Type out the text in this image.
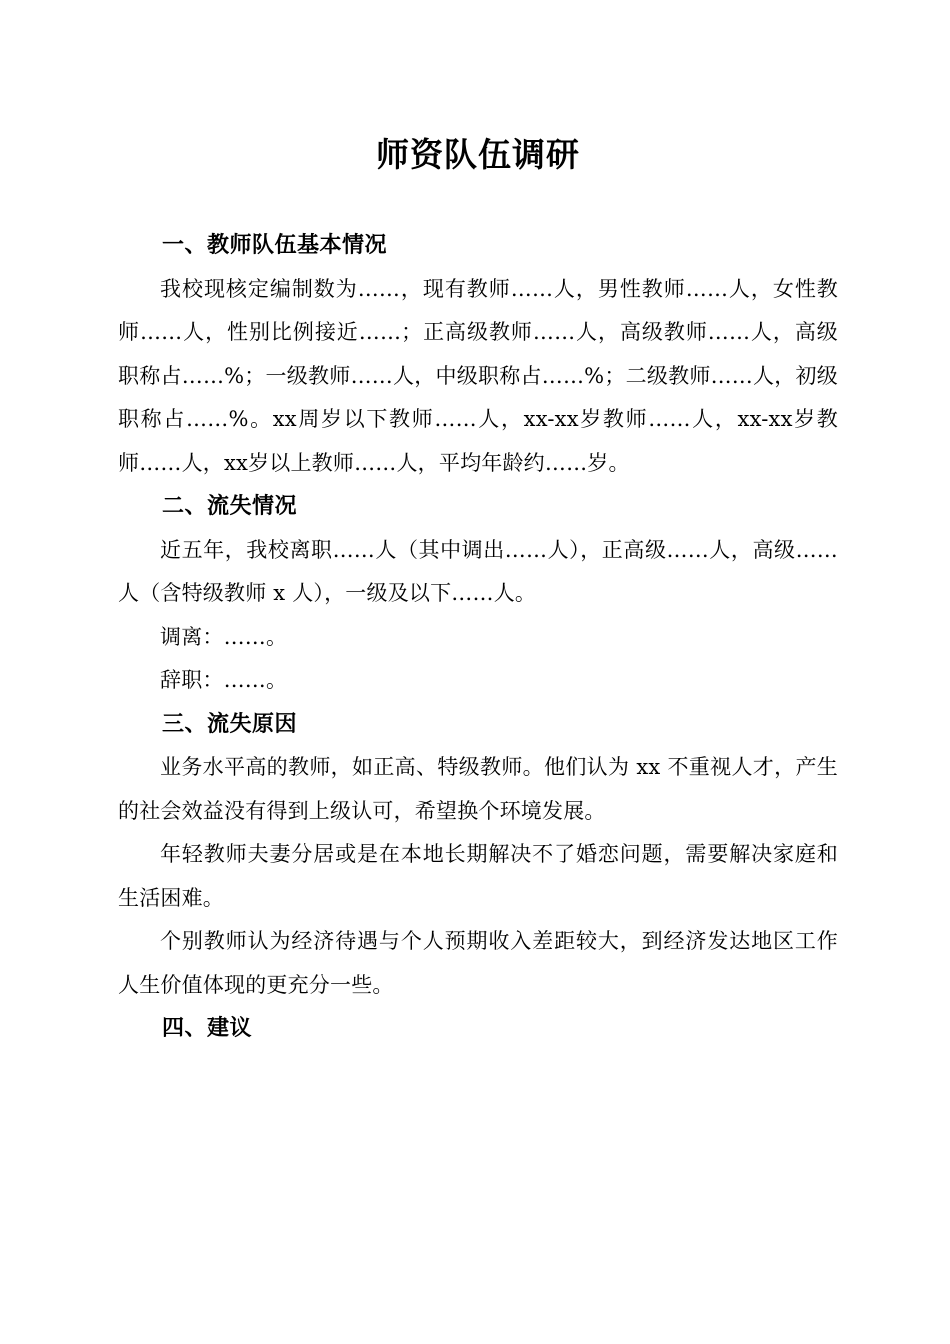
师资队伍调研
一、教师队伍基本情况

我校现核定编制数为……，现有教师……人，男性教师……人，女性教师……人，性别比例接近……；正高级教师……人，高级教师……人，高级职称占……%；一级教师……人，中级职称占……%；二级教师……人，初级职称占……%。xx周岁以下教师……人，xx-xx岁教师……人，xx-xx岁教师……人，xx岁以上教师……人，平均年龄约……岁。

二、流失情况

近五年，我校离职……人（其中调出……人），正高级……人，高级……人（含特级教师 x 人），一级及以下……人。

调离：……。

辞职：……。

三、流失原因

业务水平高的教师，如正高、特级教师。他们认为 xx 不重视人才，产生的社会效益没有得到上级认可，希望换个环境发展。

年轻教师夫妻分居或是在本地长期解决不了婚恋问题，需要解决家庭和生活困难。

个别教师认为经济待遇与个人预期收入差距较大，到经济发达地区工作人生价值体现的更充分一些。

四、建议
